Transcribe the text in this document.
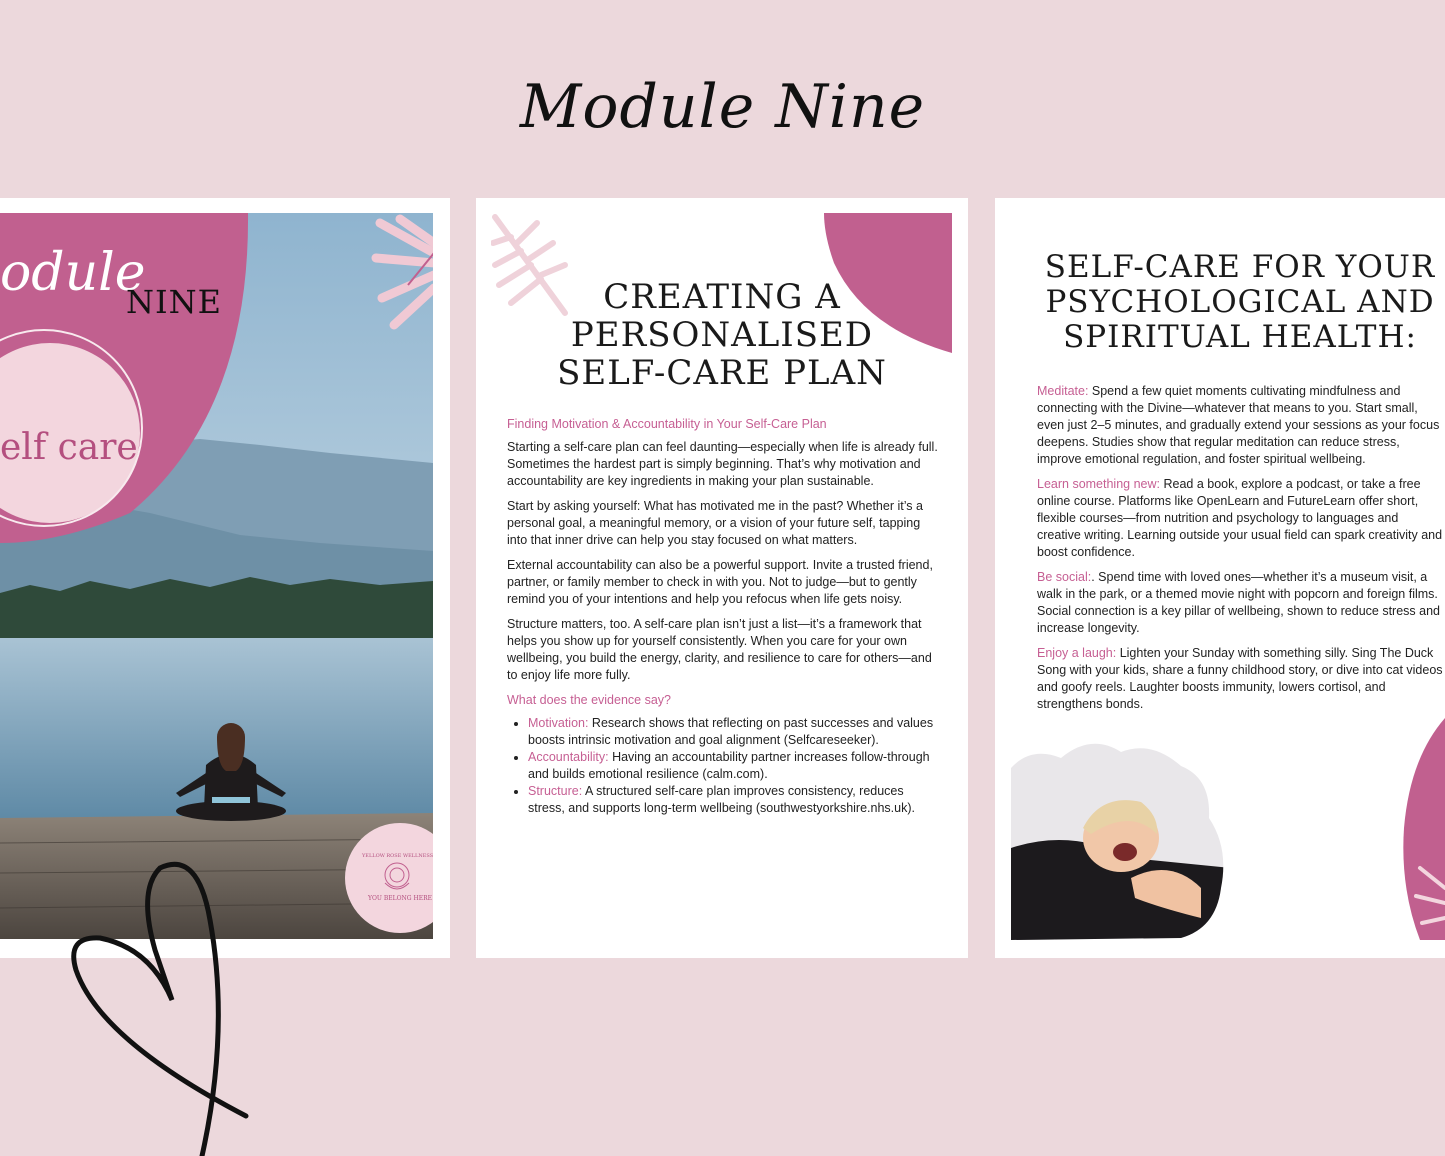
Module Nine
odule
NINE
elf care
YELLOW ROSE WELLNESS
YOU BELONG HERE
CREATING A
PERSONALISED
SELF-CARE PLAN

Finding Motivation & Accountability in Your Self-Care Plan

Starting a self-care plan can feel daunting—especially when life is already full. Sometimes the hardest part is simply beginning. That’s why motivation and accountability are key ingredients in making your plan sustainable.

Start by asking yourself: What has motivated me in the past? Whether it’s a personal goal, a meaningful memory, or a vision of your future self, tapping into that inner drive can help you stay focused on what matters.

External accountability can also be a powerful support. Invite a trusted friend, partner, or family member to check in with you. Not to judge—but to gently remind you of your intentions and help you refocus when life gets noisy.

Structure matters, too. A self-care plan isn’t just a list—it’s a framework that helps you show up for yourself consistently. When you care for your own wellbeing, you build the energy, clarity, and resilience to care for others—and to enjoy life more fully.

What does the evidence say?

• Motivation: Research shows that reflecting on past successes and values boosts intrinsic motivation and goal alignment (Selfcareseeker).
• Accountability: Having an accountability partner increases follow-through and builds emotional resilience (calm.com).
• Structure: A structured self-care plan improves consistency, reduces stress, and supports long-term wellbeing (southwestyorkshire.nhs.uk).
SELF-CARE FOR YOUR
PSYCHOLOGICAL AND
SPIRITUAL HEALTH:

Meditate: Spend a few quiet moments cultivating mindfulness and connecting with the Divine—whatever that means to you. Start small, even just 2–5 minutes, and gradually extend your sessions as your focus deepens. Studies show that regular meditation can reduce stress, improve emotional regulation, and foster spiritual wellbeing.

Learn something new: Read a book, explore a podcast, or take a free online course. Platforms like OpenLearn and FutureLearn offer short, flexible courses—from nutrition and psychology to languages and creative writing. Learning outside your usual field can spark creativity and boost confidence.

Be social:. Spend time with loved ones—whether it’s a museum visit, a walk in the park, or a themed movie night with popcorn and foreign films. Social connection is a key pillar of wellbeing, shown to reduce stress and increase longevity.

Enjoy a laugh: Lighten your Sunday with something silly. Sing The Duck Song with your kids, share a funny childhood story, or dive into cat videos and goofy reels. Laughter boosts immunity, lowers cortisol, and strengthens bonds.
